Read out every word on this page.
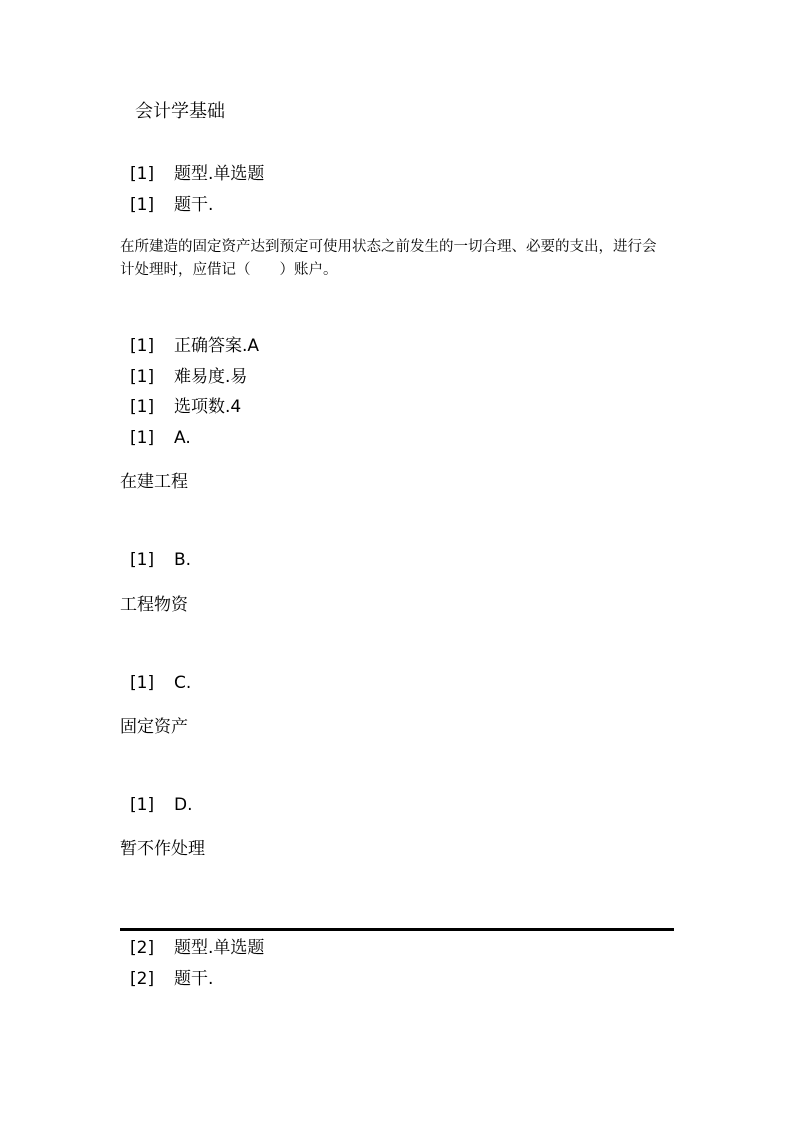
会计学基础
[1]	题型.单选题
[1]	题干.
在所建造的固定资产达到预定可使用状态之前发生的一切合理、必要的支出，进行会计处理时，应借记（　　）账户。
[1]	正确答案.A
[1]	难易度.易
[1]	选项数.4
[1]	A.
在建工程
[1]	B.
工程物资
[1]	C.
固定资产
[1]	D.
暂不作处理
[2]	题型.单选题
[2]	题干.
